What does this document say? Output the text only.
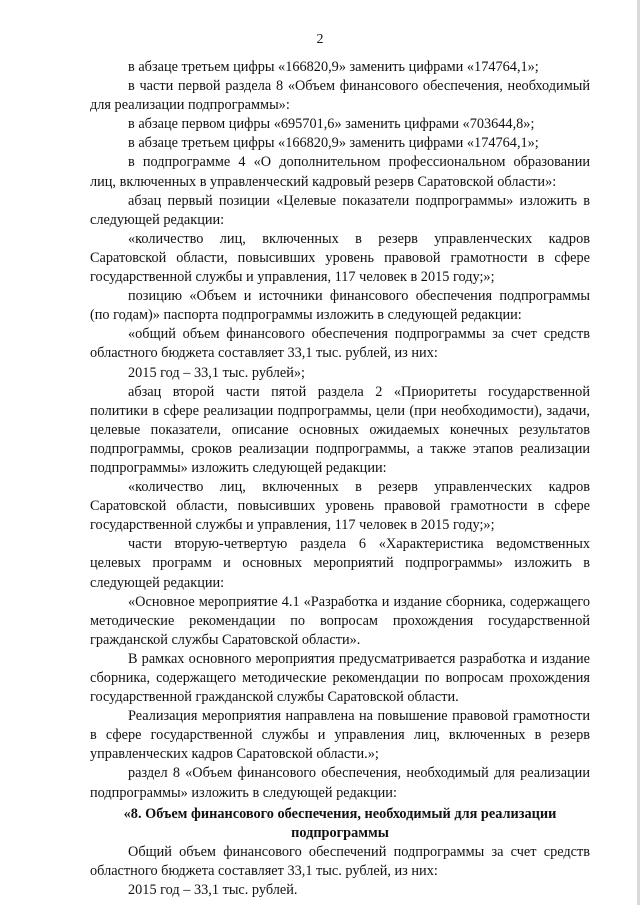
2

в абзаце третьем цифры «166820,9» заменить цифрами «174764,1»;

в части первой раздела 8 «Объем финансового обеспечения, необходимый для реализации подпрограммы»:

в абзаце первом цифры «695701,6» заменить цифрами «703644,8»;

в абзаце третьем цифры «166820,9» заменить цифрами «174764,1»;

в подпрограмме 4 «О дополнительном профессиональном образовании лиц, включенных в управленческий кадровый резерв Саратовской области»:

абзац первый позиции «Целевые показатели подпрограммы» изложить в следующей редакции:

«количество лиц, включенных в резерв управленческих кадров Саратовской области, повысивших уровень правовой грамотности в сфере государственной службы и управления, 117 человек в 2015 году;»;

позицию «Объем и источники финансового обеспечения подпрограммы (по годам)» паспорта подпрограммы изложить в следующей редакции:

«общий объем финансового обеспечения подпрограммы за счет средств областного бюджета составляет 33,1 тыс. рублей, из них:

2015 год – 33,1 тыс. рублей»;

абзац второй части пятой раздела 2 «Приоритеты государственной политики в сфере реализации подпрограммы, цели (при необходимости), задачи, целевые показатели, описание основных ожидаемых конечных результатов подпрограммы, сроков реализации подпрограммы, а также этапов реализации подпрограммы» изложить следующей редакции:

«количество лиц, включенных в резерв управленческих кадров Саратовской области, повысивших уровень правовой грамотности в сфере государственной службы и управления, 117 человек в 2015 году;»;

части вторую-четвертую раздела 6 «Характеристика ведомственных целевых программ и основных мероприятий подпрограммы» изложить в следующей редакции:

«Основное мероприятие 4.1 «Разработка и издание сборника, содержащего методические рекомендации по вопросам прохождения государственной гражданской службы Саратовской области».

В рамках основного мероприятия предусматривается разработка и издание сборника, содержащего методические рекомендации по вопросам прохождения государственной гражданской службы Саратовской области.

Реализация мероприятия направлена на повышение правовой грамотности в сфере государственной службы и управления лиц, включенных в резерв управленческих кадров Саратовской области.»;

раздел 8 «Объем финансового обеспечения, необходимый для реализации подпрограммы» изложить в следующей редакции:

«8. Объем финансового обеспечения, необходимый для реализации подпрограммы

Общий объем финансового обеспечений подпрограммы за счет средств областного бюджета составляет 33,1 тыс. рублей, из них:

2015 год – 33,1 тыс. рублей.
